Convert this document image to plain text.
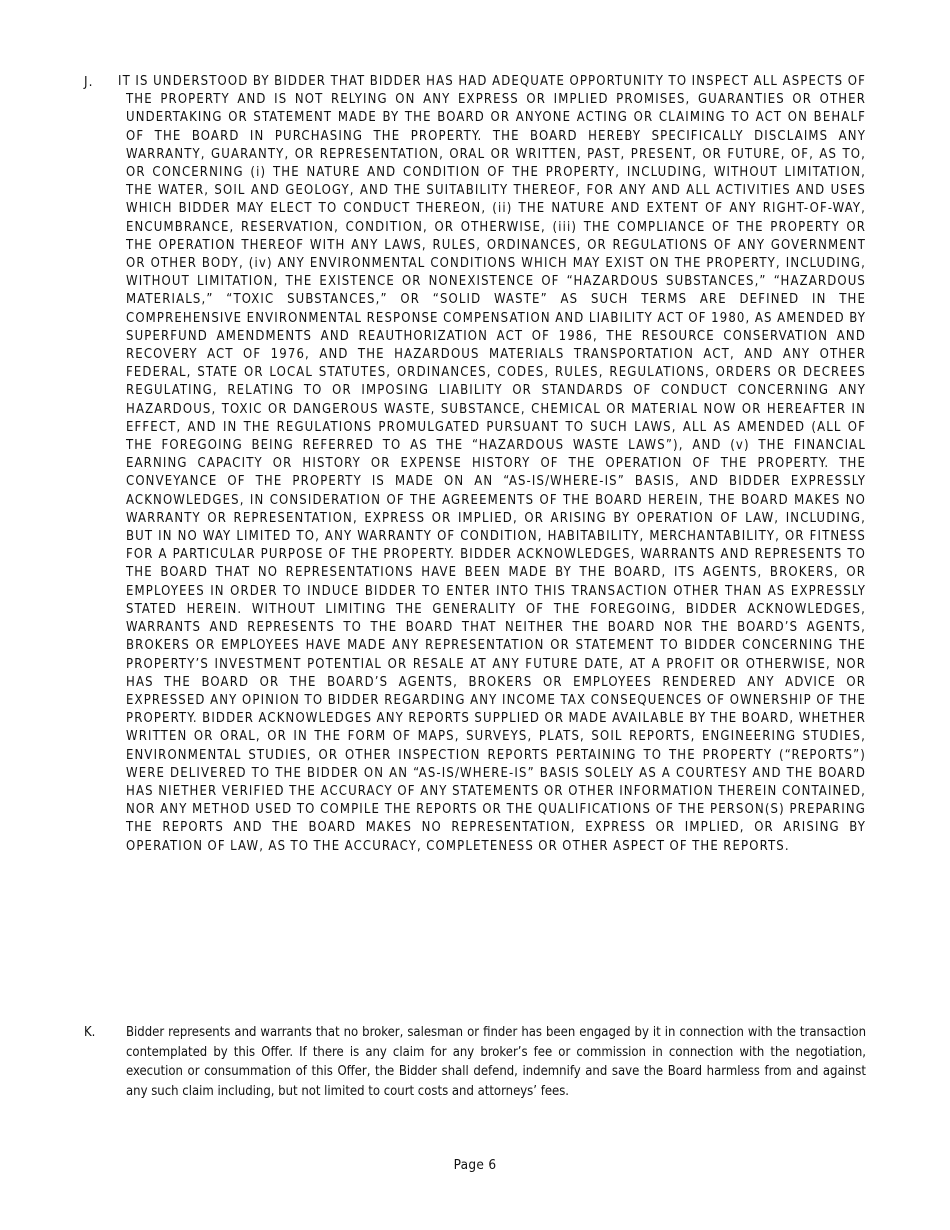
J. IT IS UNDERSTOOD BY BIDDER THAT BIDDER HAS HAD ADEQUATE OPPORTUNITY TO INSPECT ALL ASPECTS OF THE PROPERTY AND IS NOT RELYING ON ANY EXPRESS OR IMPLIED PROMISES, GUARANTIES OR OTHER UNDERTAKING OR STATEMENT MADE BY THE BOARD OR ANYONE ACTING OR CLAIMING TO ACT ON BEHALF OF THE BOARD IN PURCHASING THE PROPERTY. THE BOARD HEREBY SPECIFICALLY DISCLAIMS ANY WARRANTY, GUARANTY, OR REPRESENTATION, ORAL OR WRITTEN, PAST, PRESENT, OR FUTURE, OF, AS TO, OR CONCERNING (i) THE NATURE AND CONDITION OF THE PROPERTY, INCLUDING, WITHOUT LIMITATION, THE WATER, SOIL AND GEOLOGY, AND THE SUITABILITY THEREOF, FOR ANY AND ALL ACTIVITIES AND USES WHICH BIDDER MAY ELECT TO CONDUCT THEREON, (ii) THE NATURE AND EXTENT OF ANY RIGHT-OF-WAY, ENCUMBRANCE, RESERVATION, CONDITION, OR OTHERWISE, (iii) THE COMPLIANCE OF THE PROPERTY OR THE OPERATION THEREOF WITH ANY LAWS, RULES, ORDINANCES, OR REGULATIONS OF ANY GOVERNMENT OR OTHER BODY, (iv) ANY ENVIRONMENTAL CONDITIONS WHICH MAY EXIST ON THE PROPERTY, INCLUDING, WITHOUT LIMITATION, THE EXISTENCE OR NONEXISTENCE OF “HAZARDOUS SUBSTANCES,” “HAZARDOUS MATERIALS,” “TOXIC SUBSTANCES,” OR “SOLID WASTE” AS SUCH TERMS ARE DEFINED IN THE COMPREHENSIVE ENVIRONMENTAL RESPONSE COMPENSATION AND LIABILITY ACT OF 1980, AS AMENDED BY SUPERFUND AMENDMENTS AND REAUTHORIZATION ACT OF 1986, THE RESOURCE CONSERVATION AND RECOVERY ACT OF 1976, AND THE HAZARDOUS MATERIALS TRANSPORTATION ACT, AND ANY OTHER FEDERAL, STATE OR LOCAL STATUTES, ORDINANCES, CODES, RULES, REGULATIONS, ORDERS OR DECREES REGULATING, RELATING TO OR IMPOSING LIABILITY OR STANDARDS OF CONDUCT CONCERNING ANY HAZARDOUS, TOXIC OR DANGEROUS WASTE, SUBSTANCE, CHEMICAL OR MATERIAL NOW OR HEREAFTER IN EFFECT, AND IN THE REGULATIONS PROMULGATED PURSUANT TO SUCH LAWS, ALL AS AMENDED (ALL OF THE FOREGOING BEING REFERRED TO AS THE “HAZARDOUS WASTE LAWS”), AND (v) THE FINANCIAL EARNING CAPACITY OR HISTORY OR EXPENSE HISTORY OF THE OPERATION OF THE PROPERTY. THE CONVEYANCE OF THE PROPERTY IS MADE ON AN “AS-IS/WHERE-IS” BASIS, AND BIDDER EXPRESSLY ACKNOWLEDGES, IN CONSIDERATION OF THE AGREEMENTS OF THE BOARD HEREIN, THE BOARD MAKES NO WARRANTY OR REPRESENTATION, EXPRESS OR IMPLIED, OR ARISING BY OPERATION OF LAW, INCLUDING, BUT IN NO WAY LIMITED TO, ANY WARRANTY OF CONDITION, HABITABILITY, MERCHANTABILITY, OR FITNESS FOR A PARTICULAR PURPOSE OF THE PROPERTY. BIDDER ACKNOWLEDGES, WARRANTS AND REPRESENTS TO THE BOARD THAT NO REPRESENTATIONS HAVE BEEN MADE BY THE BOARD, ITS AGENTS, BROKERS, OR EMPLOYEES IN ORDER TO INDUCE BIDDER TO ENTER INTO THIS TRANSACTION OTHER THAN AS EXPRESSLY STATED HEREIN. WITHOUT LIMITING THE GENERALITY OF THE FOREGOING, BIDDER ACKNOWLEDGES, WARRANTS AND REPRESENTS TO THE BOARD THAT NEITHER THE BOARD NOR THE BOARD’S AGENTS, BROKERS OR EMPLOYEES HAVE MADE ANY REPRESENTATION OR STATEMENT TO BIDDER CONCERNING THE PROPERTY’S INVESTMENT POTENTIAL OR RESALE AT ANY FUTURE DATE, AT A PROFIT OR OTHERWISE, NOR HAS THE BOARD OR THE BOARD’S AGENTS, BROKERS OR EMPLOYEES RENDERED ANY ADVICE OR EXPRESSED ANY OPINION TO BIDDER REGARDING ANY INCOME TAX CONSEQUENCES OF OWNERSHIP OF THE PROPERTY. BIDDER ACKNOWLEDGES ANY REPORTS SUPPLIED OR MADE AVAILABLE BY THE BOARD, WHETHER WRITTEN OR ORAL, OR IN THE FORM OF MAPS, SURVEYS, PLATS, SOIL REPORTS, ENGINEERING STUDIES, ENVIRONMENTAL STUDIES, OR OTHER INSPECTION REPORTS PERTAINING TO THE PROPERTY (“REPORTS”) WERE DELIVERED TO THE BIDDER ON AN “AS-IS/WHERE-IS” BASIS SOLELY AS A COURTESY AND THE BOARD HAS NIETHER VERIFIED THE ACCURACY OF ANY STATEMENTS OR OTHER INFORMATION THEREIN CONTAINED, NOR ANY METHOD USED TO COMPILE THE REPORTS OR THE QUALIFICATIONS OF THE PERSON(S) PREPARING THE REPORTS AND THE BOARD MAKES NO REPRESENTATION, EXPRESS OR IMPLIED, OR ARISING BY OPERATION OF LAW, AS TO THE ACCURACY, COMPLETENESS OR OTHER ASPECT OF THE REPORTS.
K. Bidder represents and warrants that no broker, salesman or finder has been engaged by it in connection with the transaction contemplated by this Offer. If there is any claim for any broker’s fee or commission in connection with the negotiation, execution or consummation of this Offer, the Bidder shall defend, indemnify and save the Board harmless from and against any such claim including, but not limited to court costs and attorneys’ fees.
Page 6
